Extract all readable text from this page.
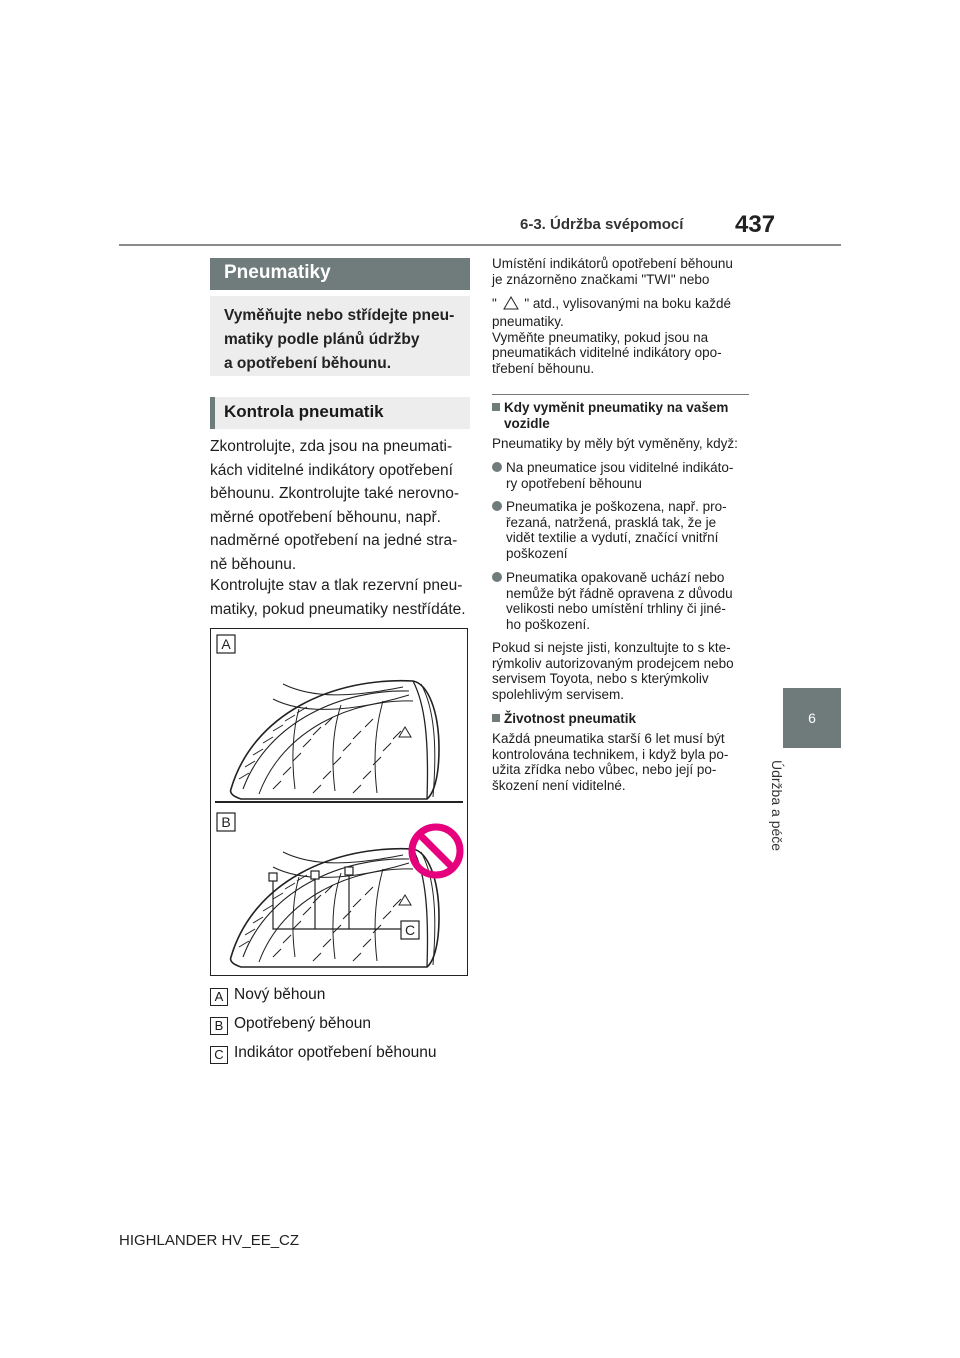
6-3. Údržba svépomocí 437
6
Údržba a péče
Pneumatiky
Vyměňujte nebo střídejte pneu-
matiky podle plánů údržby
a opotřebení běhounu.
Kontrola pneumatik
Zkontrolujte, zda jsou na pneumati-
kách viditelné indikátory opotřebení
běhounu. Zkontrolujte také nerovno-
měrné opotřebení běhounu, např.
nadměrné opotřebení na jedné stra-
ně běhounu.
Kontrolujte stav a tlak rezervní pneu-
matiky, pokud pneumatiky nestřídáte.
A
B
C
A Nový běhoun
B Opotřebený běhoun
C Indikátor opotřebení běhounu
Umístění indikátorů opotřebení běhounu
je znázorněno značkami "TWI" nebo
" " atd., vylisovanými na boku každé
pneumatiky.
Vyměňte pneumatiky, pokud jsou na
pneumatikách viditelné indikátory opo-
třebení běhounu.
Kdy vyměnit pneumatiky na vašem
vozidle
Pneumatiky by měly být vyměněny, když:
Na pneumatice jsou viditelné indikáto-
ry opotřebení běhounu
Pneumatika je poškozena, např. pro-
řezaná, natržená, prasklá tak, že je
vidět textilie a vydutí, značící vnitřní
poškození
Pneumatika opakovaně uchází nebo
nemůže být řádně opravena z důvodu
velikosti nebo umístění trhliny či jiné-
ho poškození.
Pokud si nejste jisti, konzultujte to s kte-
rýmkoliv autorizovaným prodejcem nebo
servisem Toyota, nebo s kterýmkoliv
spolehlivým servisem.
Životnost pneumatik
Každá pneumatika starší 6 let musí být
kontrolována technikem, i když byla po-
užita zřídka nebo vůbec, nebo její po-
škození není viditelné.
HIGHLANDER HV_EE_CZ
